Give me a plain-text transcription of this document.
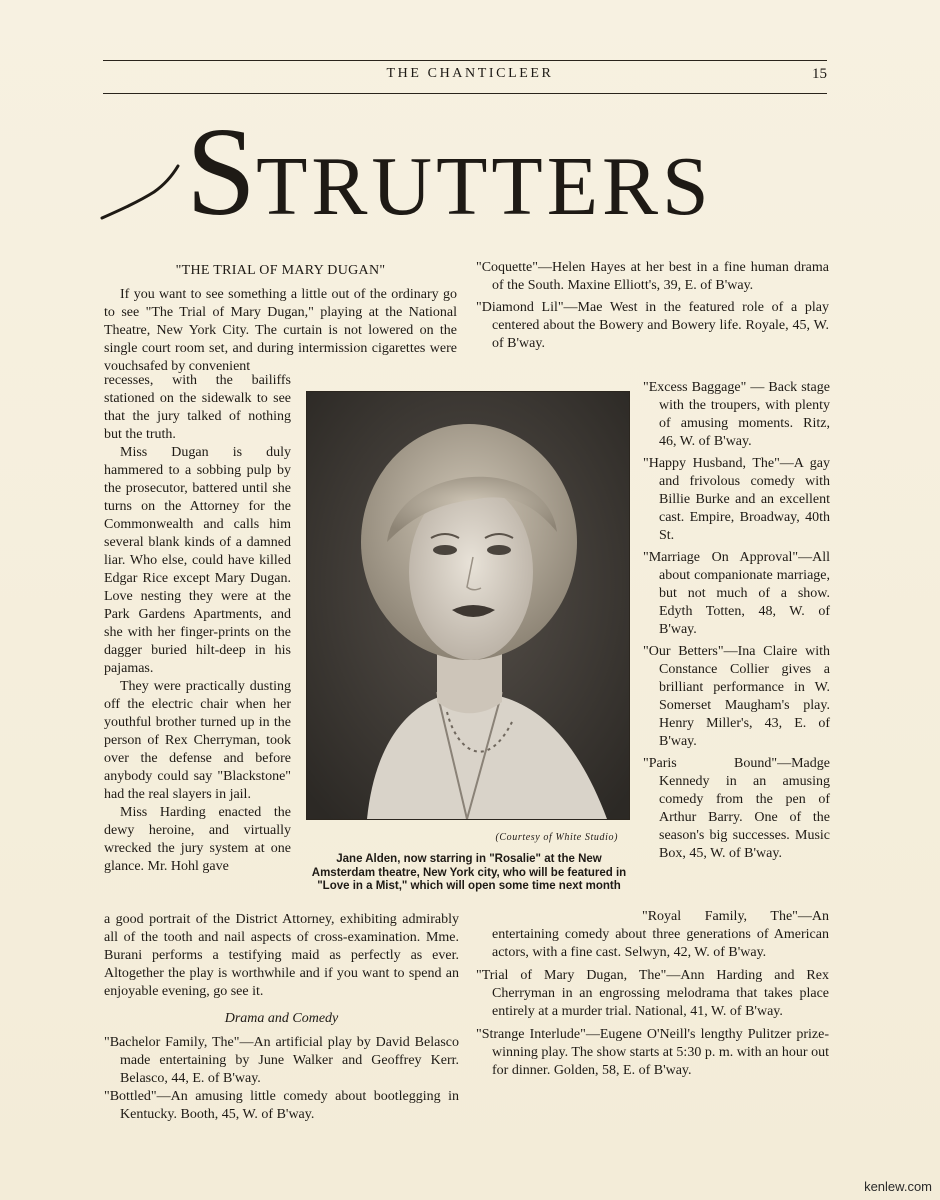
THE CHANTICLEER	15
STRUTTERS

"THE TRIAL OF MARY DUGAN"

If you want to see something a little out of the ordinary go to see "The Trial of Mary Dugan," playing at the National Theatre, New York City. The curtain is not lowered on the single court room set, and during intermission cigarettes were vouchsafed by convenient

recesses, with the bailiffs stationed on the sidewalk to see that the jury talked of nothing but the truth.

Miss Dugan is duly hammered to a sobbing pulp by the prosecutor, battered until she turns on the Attorney for the Commonwealth and calls him several blank kinds of a damned liar. Who else, could have killed Edgar Rice except Mary Dugan. Love nesting they were at the Park Gardens Apartments, and she with her finger-prints on the dagger buried hilt-deep in his pajamas.

They were practically dusting off the electric chair when her youthful brother turned up in the person of Rex Cherryman, took over the defense and before anybody could say "Blackstone" had the real slayers in jail.

Miss Harding enacted the dewy heroine, and virtually wrecked the jury system at one glance. Mr. Hohl gave

a good portrait of the District Attorney, exhibiting admirably all of the tooth and nail aspects of cross-examination. Mme. Burani performs a testifying maid as perfectly as ever. Altogether the play is worthwhile and if you want to spend an enjoyable evening, go see it.

Drama and Comedy

"Bachelor Family, The"—An artificial play by David Belasco made entertaining by June Walker and Geoffrey Kerr. Belasco, 44, E. of B'way.

"Bottled"—An amusing little comedy about bootlegging in Kentucky. Booth, 45, W. of B'way.

"Coquette"—Helen Hayes at her best in a fine human drama of the South. Maxine Elliott's, 39, E. of B'way.

"Diamond Lil"—Mae West in the featured role of a play centered about the Bowery and Bowery life. Royale, 45, W. of B'way.

"Excess Baggage" — Back stage with the troupers, with plenty of amusing moments. Ritz, 46, W. of B'way.

"Happy Husband, The"—A gay and frivolous comedy with Billie Burke and an excellent cast. Empire, Broadway, 40th St.

"Marriage On Approval"—All about companionate marriage, but not much of a show. Edyth Totten, 48, W. of B'way.

"Our Betters"—Ina Claire with Constance Collier gives a brilliant performance in W. Somerset Maugham's play. Henry Miller's, 43, E. of B'way.

"Paris Bound"—Madge Kennedy in an amusing comedy from the pen of Arthur Barry. One of the season's big successes. Music Box, 45, W. of B'way.

"Royal Family, The"—An entertaining comedy about three generations of American actors, with a fine cast. Selwyn, 42, W. of B'way.

"Trial of Mary Dugan, The"—Ann Harding and Rex Cherryman in an engrossing melodrama that takes place entirely at a murder trial. National, 41, W. of B'way.

"Strange Interlude"—Eugene O'Neill's lengthy Pulitzer prize-winning play. The show starts at 5:30 p. m. with an hour out for dinner. Golden, 58, E. of B'way.

(Courtesy of White Studio)
Jane Alden, now starring in "Rosalie" at the New Amsterdam theatre, New York city, who will be featured in "Love in a Mist," which will open some time next month
kenlew.com
